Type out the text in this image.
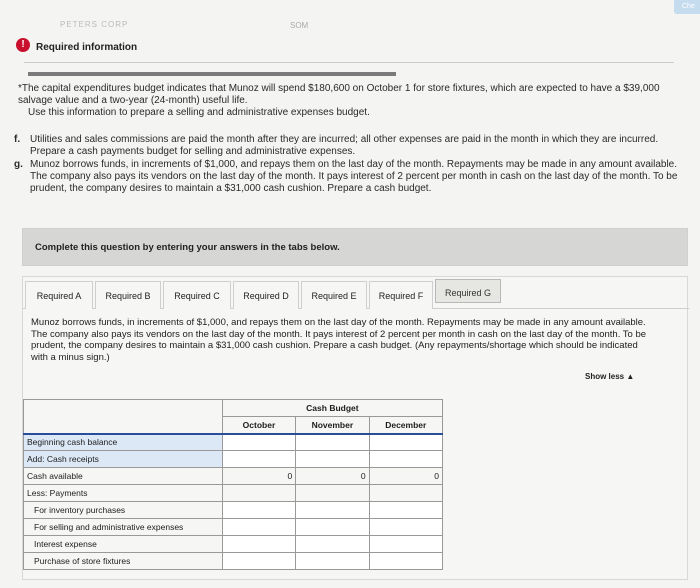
PETERS CORP	SOM
Che
!	Required information
*The capital expenditures budget indicates that Munoz will spend $180,600 on October 1 for store fixtures, which are expected to have a $39,000 salvage value and a two-year (24-month) useful life.
Use this information to prepare a selling and administrative expenses budget.
f. Utilities and sales commissions are paid the month after they are incurred; all other expenses are paid in the month in which they are incurred. Prepare a cash payments budget for selling and administrative expenses.
g. Munoz borrows funds, in increments of $1,000, and repays them on the last day of the month. Repayments may be made in any amount available. The company also pays its vendors on the last day of the month. It pays interest of 2 percent per month in cash on the last day of the month. To be prudent, the company desires to maintain a $31,000 cash cushion. Prepare a cash budget.
Complete this question by entering your answers in the tabs below.
Required A	Required B	Required C	Required D	Required E	Required F	Required G
Munoz borrows funds, in increments of $1,000, and repays them on the last day of the month. Repayments may be made in any amount available. The company also pays its vendors on the last day of the month. It pays interest of 2 percent per month in cash on the last day of the month. To be prudent, the company desires to maintain a $31,000 cash cushion. Prepare a cash budget. (Any repayments/shortage which should be indicated with a minus sign.)
Show less ▲
	Cash Budget		
	October	November	December
Beginning cash balance			
Add: Cash receipts			
Cash available	0	0	0
Less: Payments			
For inventory purchases			
For selling and administrative expenses			
Interest expense			
Purchase of store fixtures			
